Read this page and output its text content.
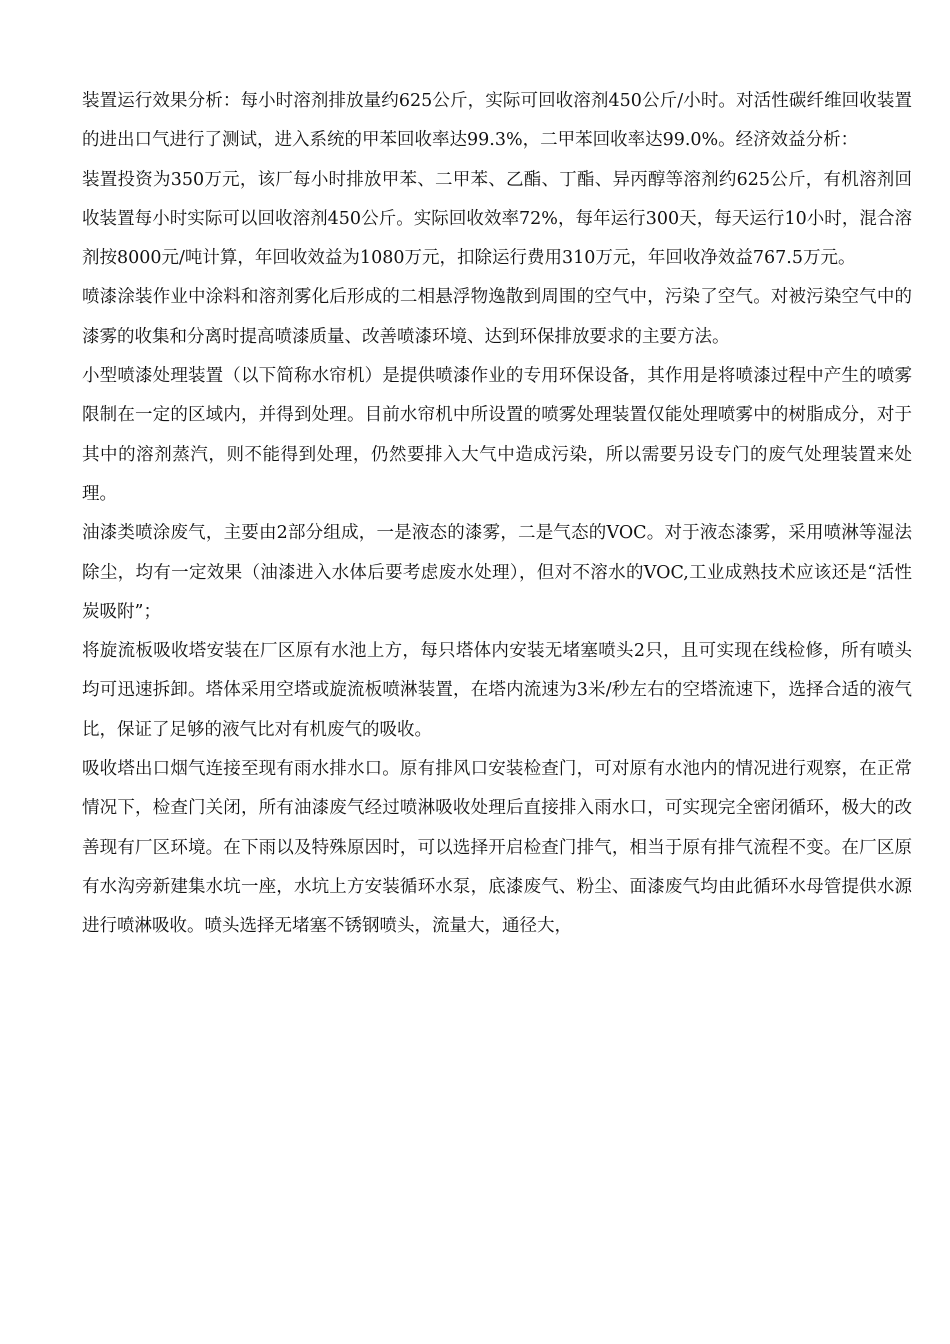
装置运行效果分析：每小时溶剂排放量约625公斤，实际可回收溶剂450公斤/小时。对活性碳纤维回收装置的进出口气进行了测试，进入系统的甲苯回收率达99.3%，二甲苯回收率达99.0%。经济效益分析：

装置投资为350万元，该厂每小时排放甲苯、二甲苯、乙酯、丁酯、异丙醇等溶剂约625公斤，有机溶剂回收装置每小时实际可以回收溶剂450公斤。实际回收效率72%，每年运行300天，每天运行10小时，混合溶剂按8000元/吨计算，年回收效益为1080万元，扣除运行费用310万元，年回收净效益767.5万元。

喷漆涂装作业中涂料和溶剂雾化后形成的二相悬浮物逸散到周围的空气中，污染了空气。对被污染空气中的漆雾的收集和分离时提高喷漆质量、改善喷漆环境、达到环保排放要求的主要方法。

小型喷漆处理装置（以下简称水帘机）是提供喷漆作业的专用环保设备，其作用是将喷漆过程中产生的喷雾限制在一定的区域内，并得到处理。目前水帘机中所设置的喷雾处理装置仅能处理喷雾中的树脂成分，对于其中的溶剂蒸汽，则不能得到处理，仍然要排入大气中造成污染，所以需要另设专门的废气处理装置来处理。

油漆类喷涂废气，主要由2部分组成，一是液态的漆雾，二是气态的VOC。对于液态漆雾，采用喷淋等湿法除尘，均有一定效果（油漆进入水体后要考虑废水处理），但对不溶水的VOC,工业成熟技术应该还是“活性炭吸附”；

将旋流板吸收塔安装在厂区原有水池上方，每只塔体内安装无堵塞喷头2只，且可实现在线检修，所有喷头均可迅速拆卸。塔体采用空塔或旋流板喷淋装置，在塔内流速为3米/秒左右的空塔流速下，选择合适的液气比，保证了足够的液气比对有机废气的吸收。

吸收塔出口烟气连接至现有雨水排水口。原有排风口安装检查门，可对原有水池内的情况进行观察，在正常情况下，检查门关闭，所有油漆废气经过喷淋吸收处理后直接排入雨水口，可实现完全密闭循环，极大的改善现有厂区环境。在下雨以及特殊原因时，可以选择开启检查门排气，相当于原有排气流程不变。在厂区原有水沟旁新建集水坑一座，水坑上方安装循环水泵，底漆废气、粉尘、面漆废气均由此循环水母管提供水源进行喷淋吸收。喷头选择无堵塞不锈钢喷头，流量大，通径大，
